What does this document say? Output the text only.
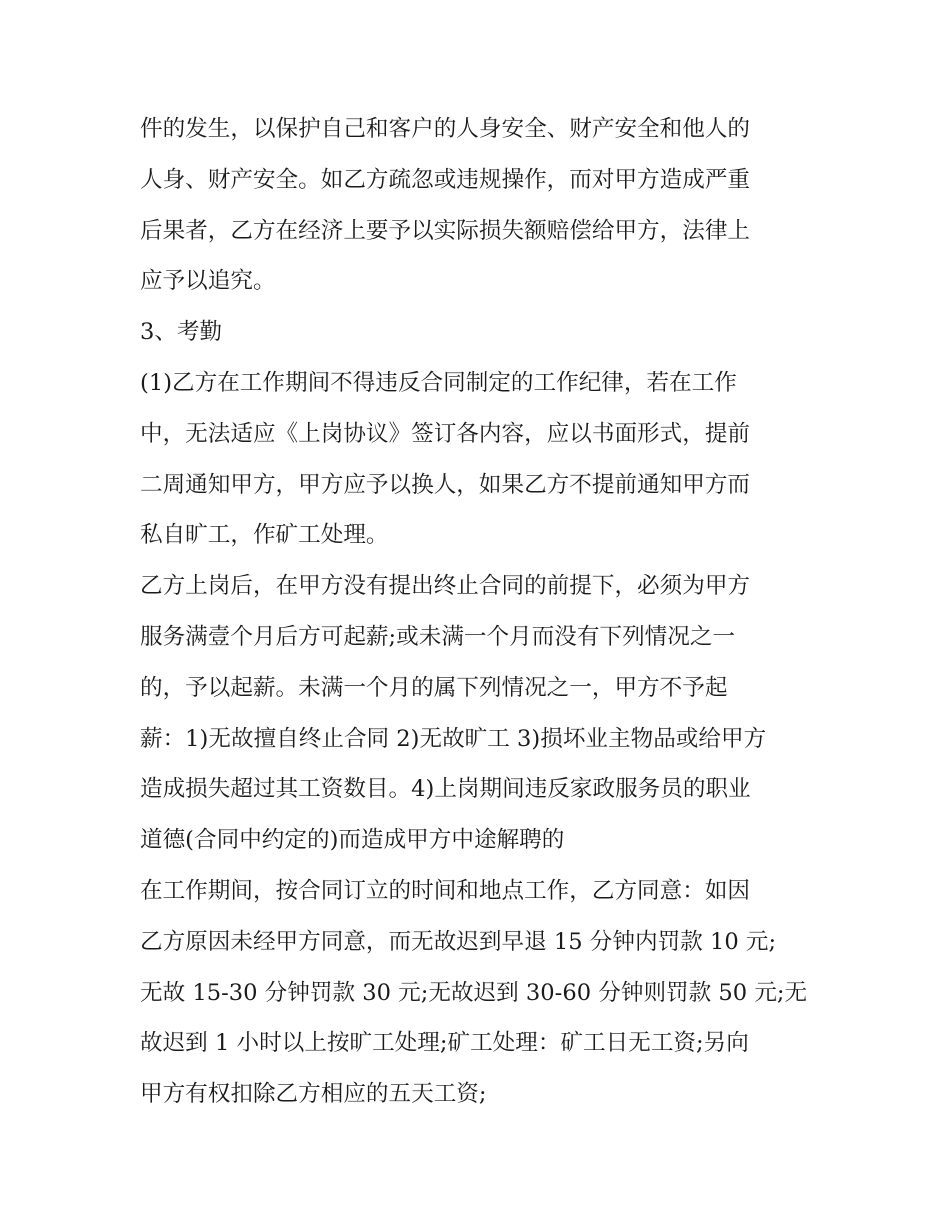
件的发生，以保护自己和客户的人身安全、财产安全和他人的
人身、财产安全。如乙方疏忽或违规操作，而对甲方造成严重
后果者，乙方在经济上要予以实际损失额赔偿给甲方，法律上
应予以追究。

3、考勤

(1)乙方在工作期间不得违反合同制定的工作纪律，若在工作
中，无法适应《上岗协议》签订各内容，应以书面形式，提前
二周通知甲方，甲方应予以换人，如果乙方不提前通知甲方而
私自旷工，作矿工处理。

乙方上岗后，在甲方没有提出终止合同的前提下，必须为甲方
服务满壹个月后方可起薪;或未满一个月而没有下列情况之一
的，予以起薪。未满一个月的属下列情况之一，甲方不予起
薪：1)无故擅自终止合同 2)无故旷工 3)损坏业主物品或给甲方
造成损失超过其工资数目。4)上岗期间违反家政服务员的职业
道德(合同中约定的)而造成甲方中途解聘的

在工作期间，按合同订立的时间和地点工作，乙方同意：如因
乙方原因未经甲方同意，而无故迟到早退 15 分钟内罚款 10 元;
无故 15-30 分钟罚款 30 元;无故迟到 30-60 分钟则罚款 50 元;无
故迟到 1 小时以上按旷工处理;矿工处理：矿工日无工资;另向
甲方有权扣除乙方相应的五天工资;
